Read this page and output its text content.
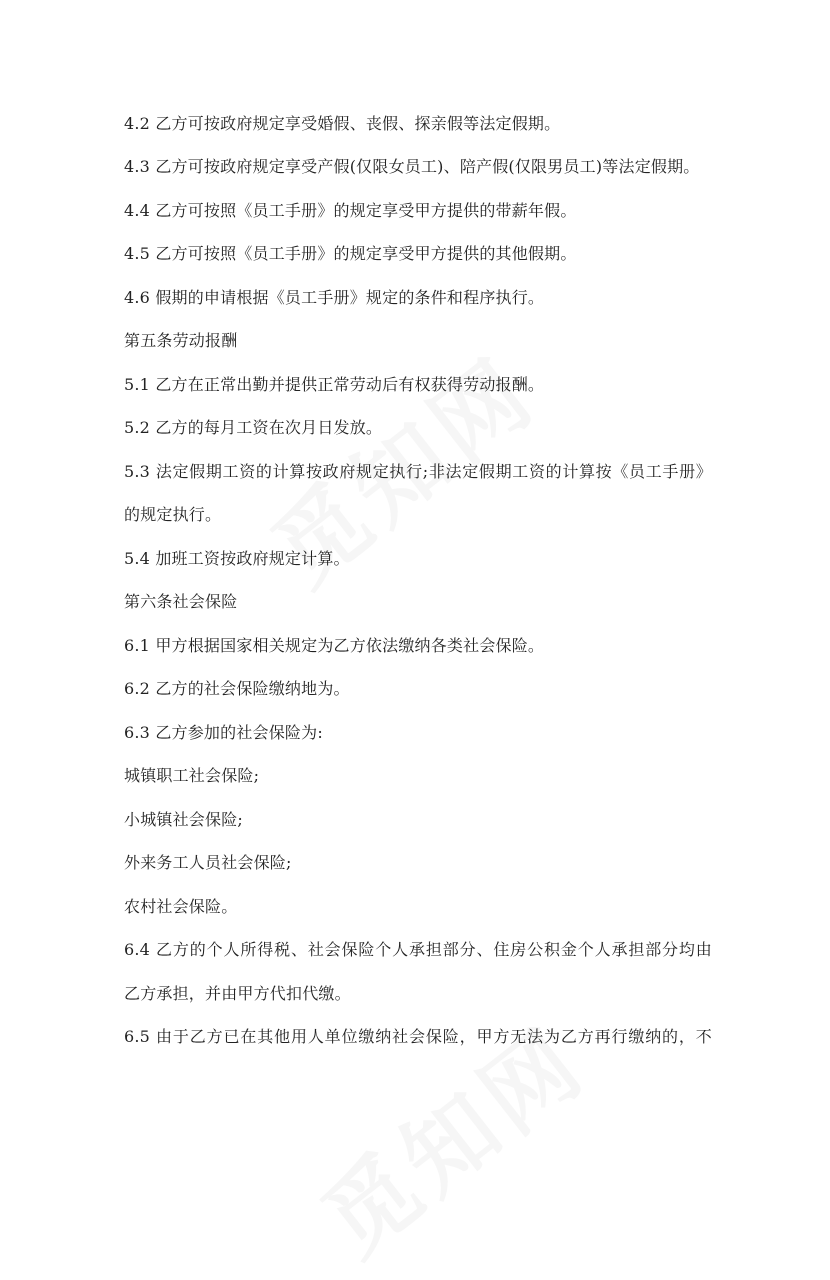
4.2 乙方可按政府规定享受婚假、丧假、探亲假等法定假期。
4.3 乙方可按政府规定享受产假(仅限女员工)、陪产假(仅限男员工)等法定假期。
4.4 乙方可按照《员工手册》的规定享受甲方提供的带薪年假。
4.5 乙方可按照《员工手册》的规定享受甲方提供的其他假期。
4.6 假期的申请根据《员工手册》规定的条件和程序执行。
第五条劳动报酬
5.1 乙方在正常出勤并提供正常劳动后有权获得劳动报酬。
5.2 乙方的每月工资在次月日发放。
5.3 法定假期工资的计算按政府规定执行;非法定假期工资的计算按《员工手册》
的规定执行。
5.4 加班工资按政府规定计算。
第六条社会保险
6.1 甲方根据国家相关规定为乙方依法缴纳各类社会保险。
6.2 乙方的社会保险缴纳地为。
6.3 乙方参加的社会保险为:
城镇职工社会保险;
小城镇社会保险;
外来务工人员社会保险;
农村社会保险。
6.4 乙方的个人所得税、社会保险个人承担部分、住房公积金个人承担部分均由
乙方承担，并由甲方代扣代缴。
6.5 由于乙方已在其他用人单位缴纳社会保险，甲方无法为乙方再行缴纳的，不
